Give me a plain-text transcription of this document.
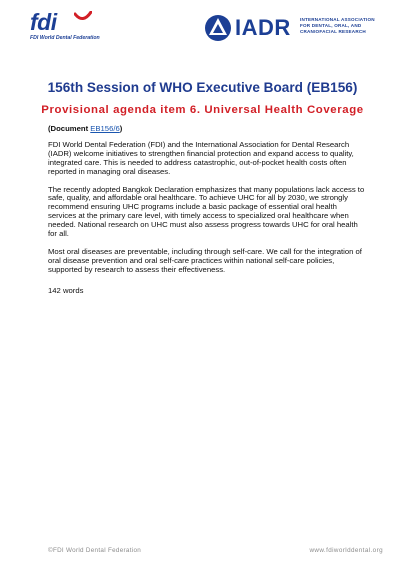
fdi
FDI World Dental Federation	IADR INTERNATIONAL ASSOCIATION
FOR DENTAL, ORAL, AND
CRANIOFACIAL RESEARCH
156th Session of WHO Executive Board (EB156)
Provisional agenda item 6. Universal Health Coverage
(Document EB156/6)

FDI World Dental Federation (FDI) and the International Association for Dental Research (IADR) welcome initiatives to strengthen financial protection and expand access to quality, integrated care. This is needed to address catastrophic, out-of-pocket health costs often reported in managing oral diseases.

The recently adopted Bangkok Declaration emphasizes that many populations lack access to safe, quality, and affordable oral healthcare. To achieve UHC for all by 2030, we strongly recommend ensuring UHC programs include a basic package of essential oral health services at the primary care level, with timely access to specialized oral healthcare when needed. National research on UHC must also assess progress towards UHC for oral health for all.

Most oral diseases are preventable, including through self-care. We call for the integration of oral disease prevention and oral self-care practices within national self-care policies, supported by research to assess their effectiveness.

142 words
©FDI World Dental Federation	www.fdiworlddental.org
